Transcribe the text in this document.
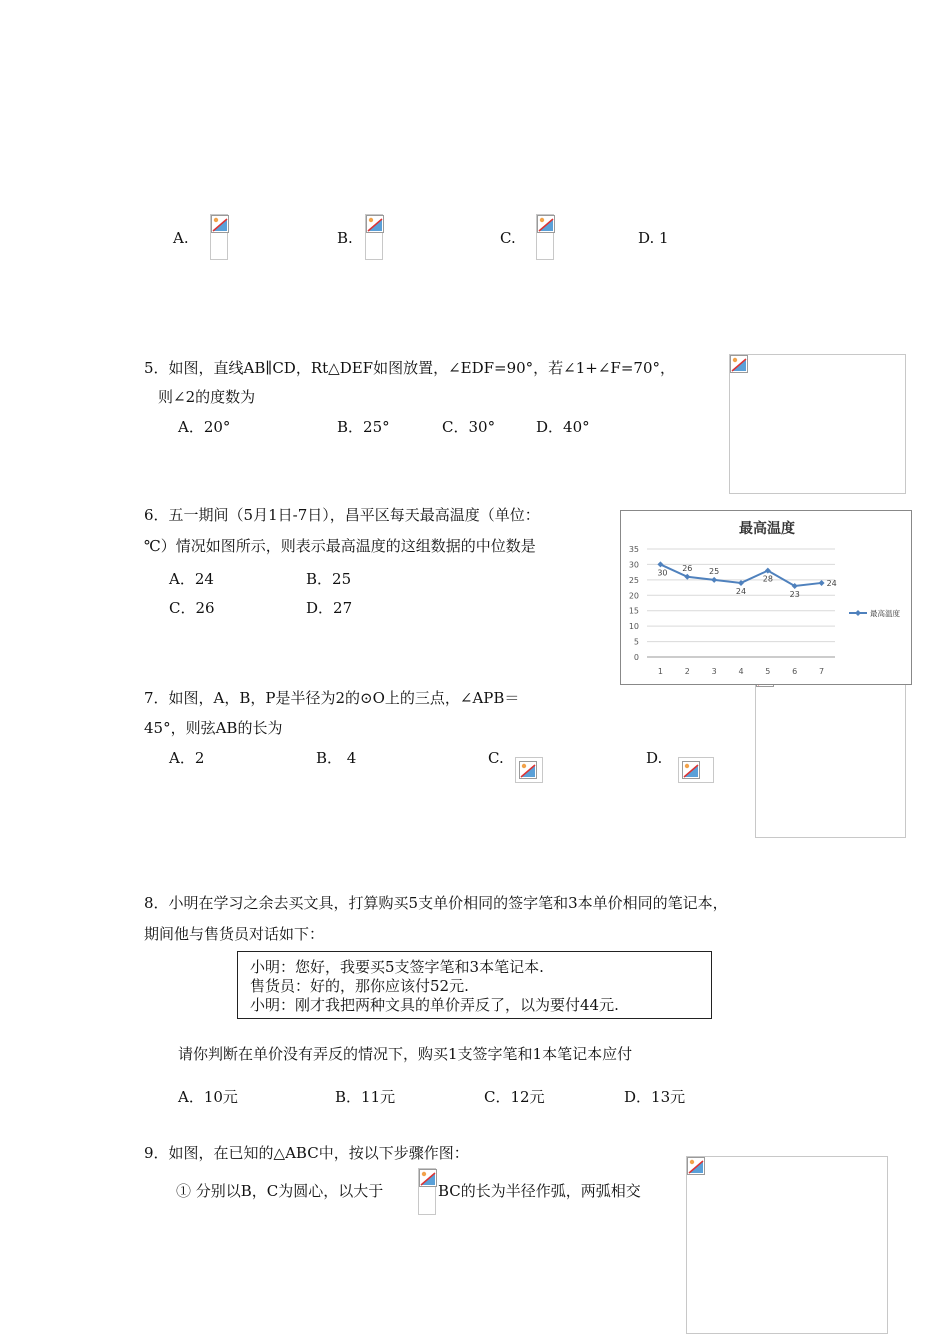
A.	B.	C.	D. 1
5．如图，直线AB∥CD，Rt△DEF如图放置，∠EDF=90°，若∠1+∠F=70°，
则∠2的度数为
A．20°	B．25°	C．30°	D．40°
6．五一期间（5月1日-7日），昌平区每天最高温度（单位：
℃）情况如图所示，则表示最高温度的这组数据的中位数是
A．24	B．25
C．26	D．27
最高温度
0
5
10
15
20
25
30
35
1	2	3	4	5	6	7
30
26 25
24
28
23
24
最高温度
7．如图，A，B，P是半径为2的⊙O上的三点，∠APB＝
45°，则弦AB的长为
A．2	B． 4	C.	D.
8．小明在学习之余去买文具，打算购买5支单价相同的签字笔和3本单价相同的笔记本，
期间他与售货员对话如下：
小明：您好，我要买5支签字笔和3本笔记本.
售货员：好的，那你应该付52元.
小明：刚才我把两种文具的单价弄反了，以为要付44元.
请你判断在单价没有弄反的情况下，购买1支签字笔和1本笔记本应付
A．10元	B．11元	C．12元	D．13元
9．如图，在已知的△ABC中，按以下步骤作图：
① 分别以B，C为圆心，以大于	BC的长为半径作弧，两弧相交
